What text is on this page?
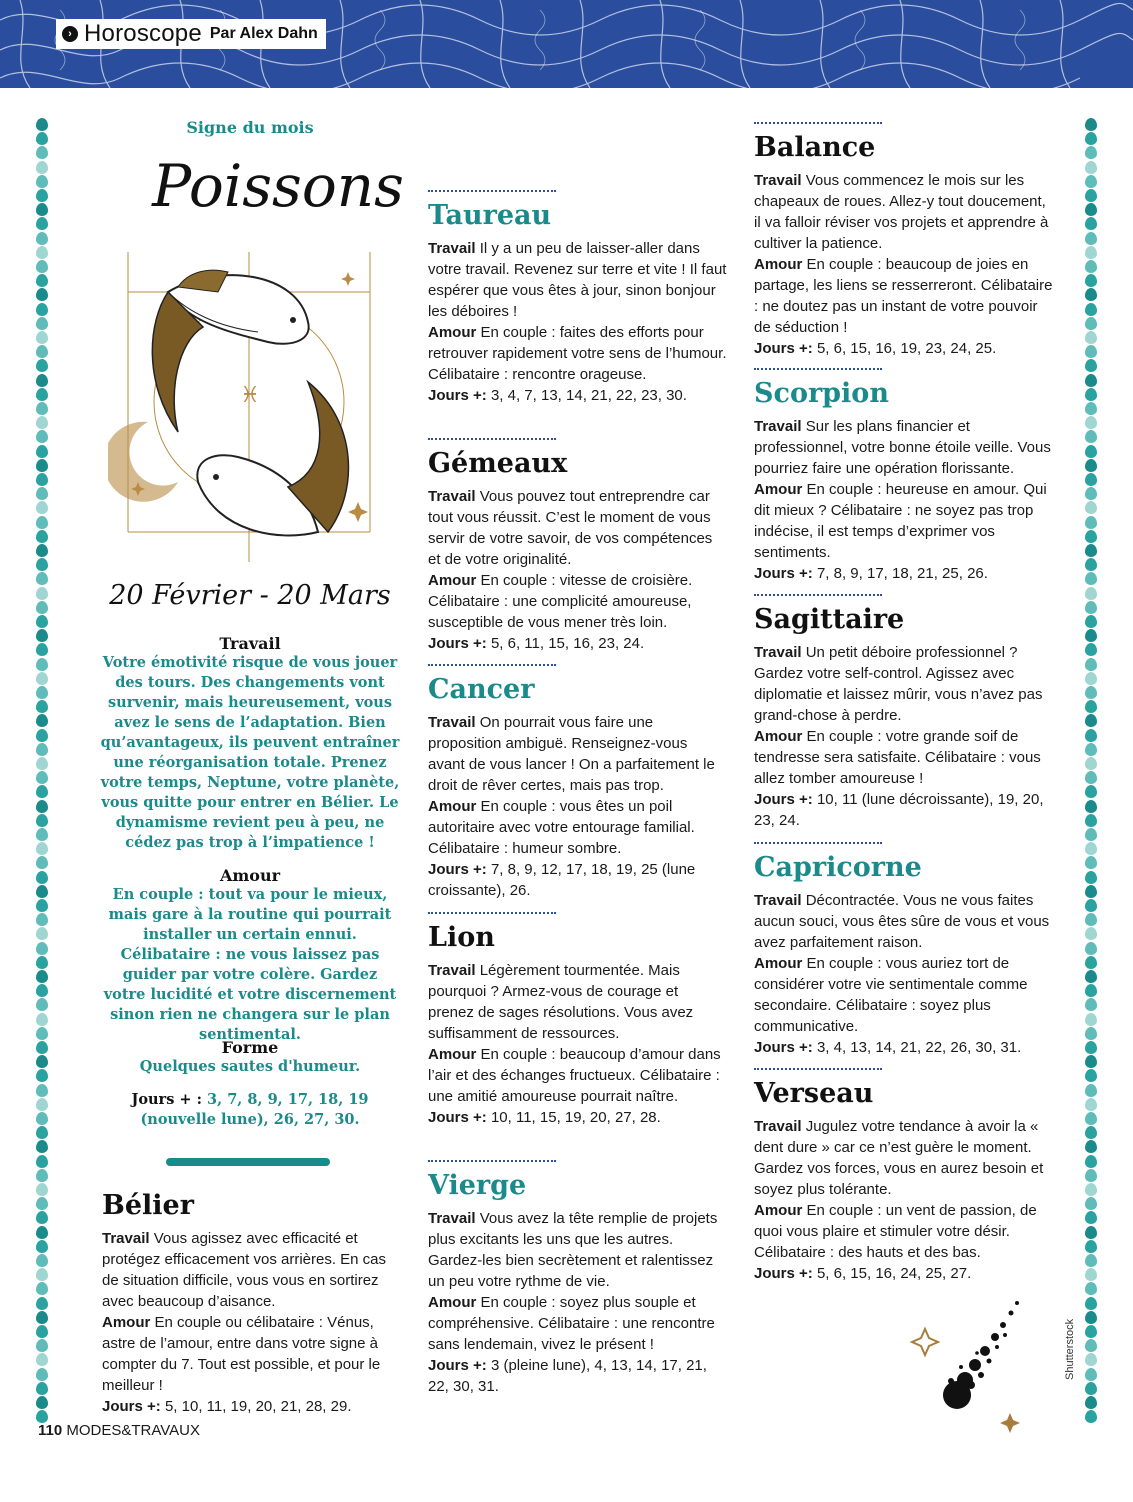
› Horoscope Par Alex Dahn

Signe du mois

Poissons
♓
20 Février - 20 Mars

Travail

Votre émotivité risque de vous jouer des tours. Des changements vont survenir, mais heureusement, vous avez le sens de l’adaptation. Bien qu’avantageux, ils peuvent entraîner une réorganisation totale. Prenez votre temps, Neptune, votre planète, vous quitte pour entrer en Bélier. Le dynamisme revient peu à peu, ne cédez pas trop à l’impatience !

Amour

En couple : tout va pour le mieux, mais gare à la routine qui pourrait installer un certain ennui. Célibataire : ne vous laissez pas guider par votre colère. Gardez votre lucidité et votre discernement sinon rien ne changera sur le plan sentimental.

Forme

Quelques sautes d'humeur.

Jours + : 3, 7, 8, 9, 17, 18, 19 (nouvelle lune), 26, 27, 30.

Bélier

Travail Vous agissez avec efficacité et protégez efficacement vos arrières. En cas de situation difficile, vous vous en sortirez avec beaucoup d’aisance.
Amour En couple ou célibataire : Vénus, astre de l’amour, entre dans votre signe à compter du 7. Tout est possible, et pour le meilleur !
Jours +: 5, 10, 11, 19, 20, 21, 28, 29.

Taureau

Travail Il y a un peu de laisser-aller dans votre travail. Revenez sur terre et vite ! Il faut espérer que vous êtes à jour, sinon bonjour les déboires !
Amour En couple : faites des efforts pour retrouver rapidement votre sens de l’humour. Célibataire : rencontre orageuse.
Jours +: 3, 4, 7, 13, 14, 21, 22, 23, 30.

Gémeaux

Travail Vous pouvez tout entreprendre car tout vous réussit. C’est le moment de vous servir de votre savoir, de vos compétences et de votre originalité.
Amour En couple : vitesse de croisière. Célibataire : une complicité amoureuse, susceptible de vous mener très loin.
Jours +: 5, 6, 11, 15, 16, 23, 24.

Cancer

Travail On pourrait vous faire une proposition ambiguë. Renseignez-vous avant de vous lancer ! On a parfaitement le droit de rêver certes, mais pas trop.
Amour En couple : vous êtes un poil autoritaire avec votre entourage familial. Célibataire : humeur sombre.
Jours +: 7, 8, 9, 12, 17, 18, 19, 25 (lune croissante), 26.

Lion

Travail Légèrement tourmentée. Mais pourquoi ? Armez-vous de courage et prenez de sages résolutions. Vous avez suffisamment de ressources.
Amour En couple : beaucoup d’amour dans l’air et des échanges fructueux. Célibataire : une amitié amoureuse pourrait naître.
Jours +: 10, 11, 15, 19, 20, 27, 28.

Vierge

Travail Vous avez la tête remplie de projets plus excitants les uns que les autres. Gardez-les bien secrètement et ralentissez un peu votre rythme de vie.
Amour En couple : soyez plus souple et compréhensive. Célibataire : une rencontre sans lendemain, vivez le présent !
Jours +: 3 (pleine lune), 4, 13, 14, 17, 21, 22, 30, 31.

Balance

Travail Vous commencez le mois sur les chapeaux de roues. Allez-y tout doucement, il va falloir réviser vos projets et apprendre à cultiver la patience.
Amour En couple : beaucoup de joies en partage, les liens se resserreront. Célibataire : ne doutez pas un instant de votre pouvoir de séduction !
Jours +: 5, 6, 15, 16, 19, 23, 24, 25.

Scorpion

Travail Sur les plans financier et professionnel, votre bonne étoile veille. Vous pourriez faire une opération florissante.
Amour En couple : heureuse en amour. Qui dit mieux ? Célibataire : ne soyez pas trop indécise, il est temps d’exprimer vos sentiments.
Jours +: 7, 8, 9, 17, 18, 21, 25, 26.

Sagittaire

Travail Un petit déboire professionnel ? Gardez votre self-control. Agissez avec diplomatie et laissez mûrir, vous n’avez pas grand-chose à perdre.
Amour En couple : votre grande soif de tendresse sera satisfaite. Célibataire : vous allez tomber amoureuse !
Jours +: 10, 11 (lune décroissante), 19, 20, 23, 24.

Capricorne

Travail Décontractée. Vous ne vous faites aucun souci, vous êtes sûre de vous et vous avez parfaitement raison.
Amour En couple : vous auriez tort de considérer votre vie sentimentale comme secondaire. Célibataire : soyez plus communicative.
Jours +: 3, 4, 13, 14, 21, 22, 26, 30, 31.

Verseau

Travail Jugulez votre tendance à avoir la « dent dure » car ce n’est guère le moment. Gardez vos forces, vous en aurez besoin et soyez plus tolérante.
Amour En couple : un vent de passion, de quoi vous plaire et stimuler votre désir. Célibataire : des hauts et des bas.
Jours +: 5, 6, 15, 16, 24, 25, 27.

Shutterstock
110 MODES&TRAVAUX
